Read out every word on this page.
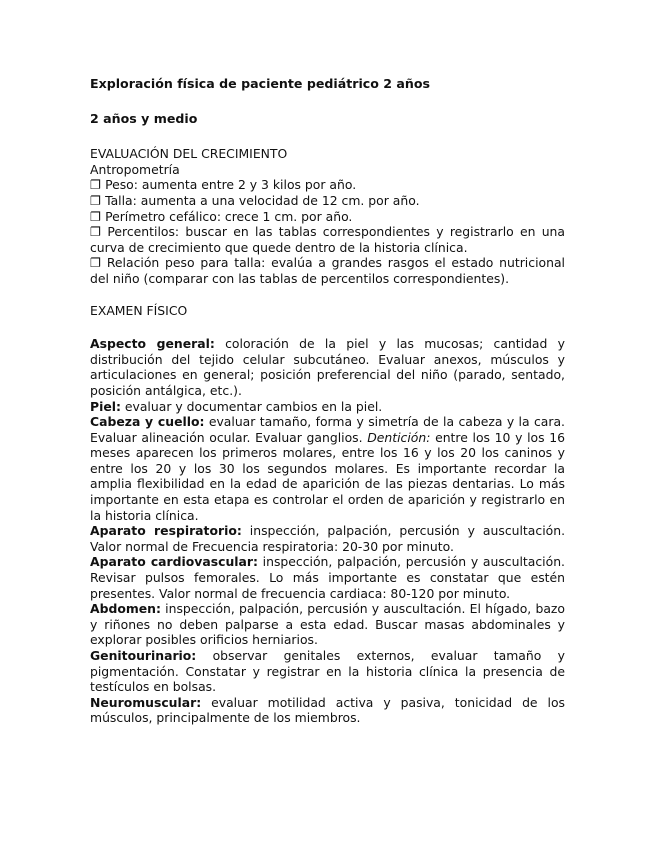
Exploración física de paciente pediátrico 2 años

2 años y medio

EVALUACIÓN DEL CRECIMIENTO

Antropometría

❐ Peso: aumenta entre 2 y 3 kilos por año.

❐ Talla: aumenta a una velocidad de 12 cm. por año.

❐ Perímetro cefálico: crece 1 cm. por año.

❐ Percentilos: buscar en las tablas correspondientes y registrarlo en una curva de crecimiento que quede dentro de la historia clínica.

❐ Relación peso para talla: evalúa a grandes rasgos el estado nutricional del niño (comparar con las tablas de percentilos correspondientes).

EXAMEN FÍSICO

Aspecto general: coloración de la piel y las mucosas; cantidad y distribución del tejido celular subcutáneo. Evaluar anexos, músculos y articulaciones en general; posición preferencial del niño (parado, sentado, posición antálgica, etc.).

Piel: evaluar y documentar cambios en la piel.

Cabeza y cuello: evaluar tamaño, forma y simetría de la cabeza y la cara. Evaluar alineación ocular. Evaluar ganglios. Dentición: entre los 10 y los 16 meses aparecen los primeros molares, entre los 16 y los 20 los caninos y entre los 20 y los 30 los segundos molares. Es importante recordar la amplia flexibilidad en la edad de aparición de las piezas dentarias. Lo más importante en esta etapa es controlar el orden de aparición y registrarlo en la historia clínica.

Aparato respiratorio: inspección, palpación, percusión y auscultación. Valor normal de Frecuencia respiratoria: 20-30 por minuto.

Aparato cardiovascular: inspección, palpación, percusión y auscultación. Revisar pulsos femorales. Lo más importante es constatar que estén presentes. Valor normal de frecuencia cardiaca: 80-120 por minuto.

Abdomen: inspección, palpación, percusión y auscultación. El hígado, bazo y riñones no deben palparse a esta edad. Buscar masas abdominales y explorar posibles orificios herniarios.

Genitourinario: observar genitales externos, evaluar tamaño y pigmentación. Constatar y registrar en la historia clínica la presencia de testículos en bolsas.

Neuromuscular: evaluar motilidad activa y pasiva, tonicidad de los músculos, principalmente de los miembros.
